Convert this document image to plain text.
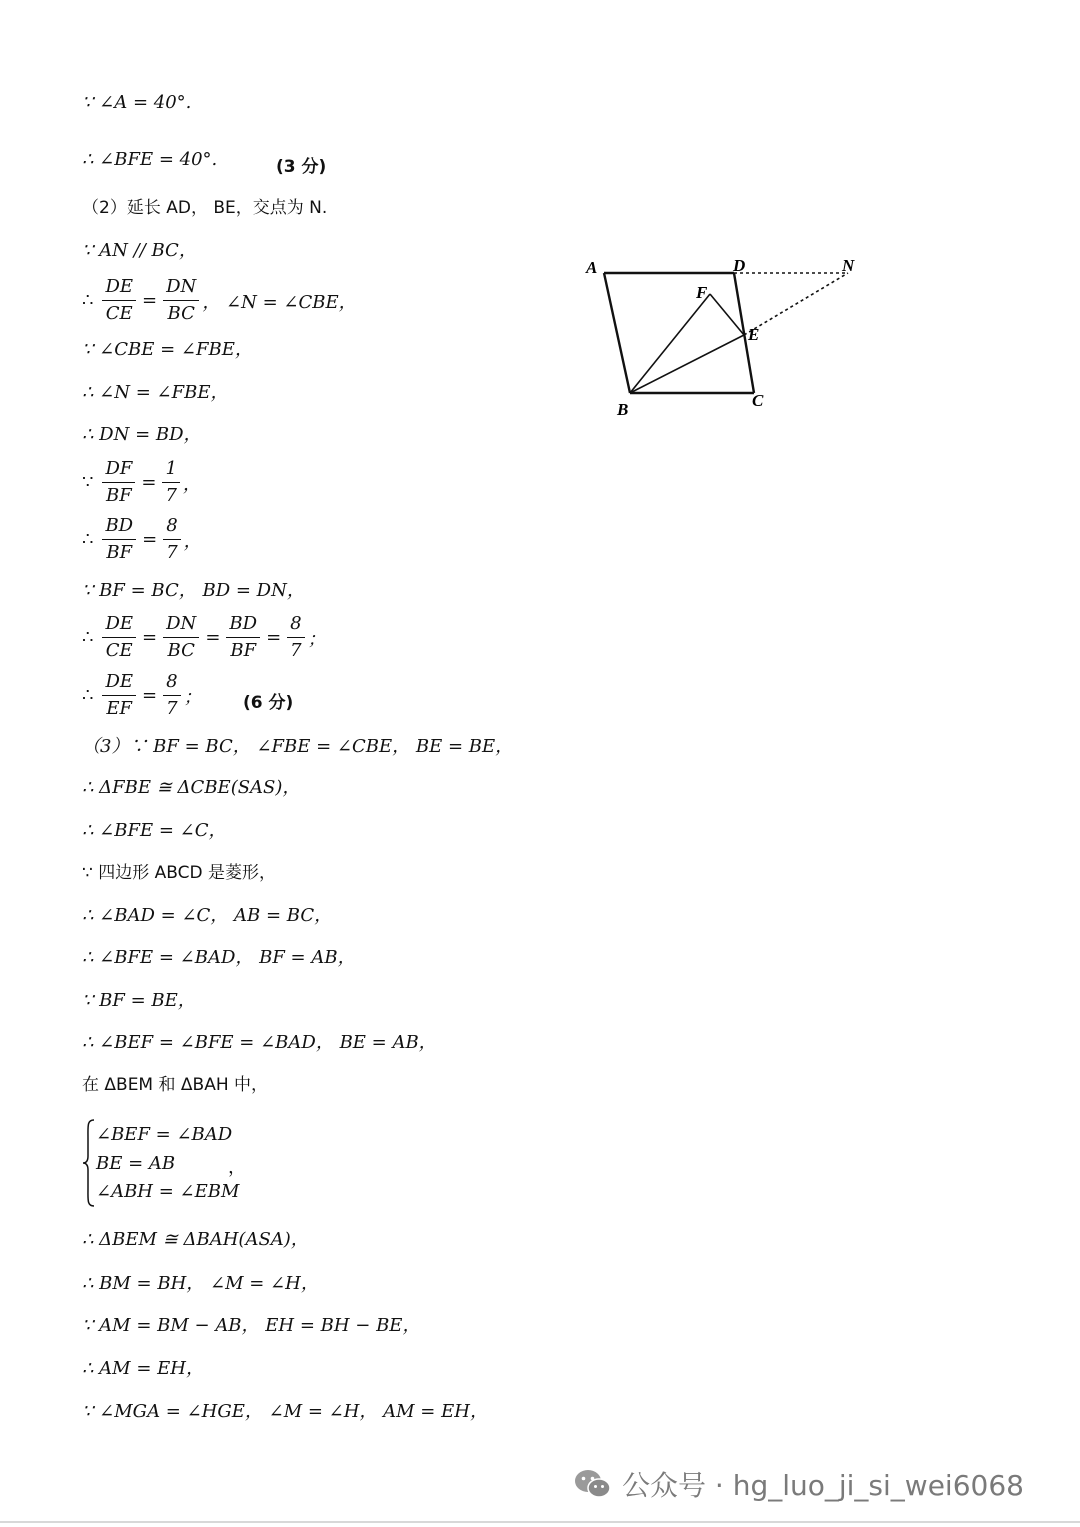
∵ ∠A = 40°.
∴ ∠BFE = 40°.	(3 分)
（2）延长 AD， BE，交点为 N.
∵ AN // BC，
∴ $\frac{DE}{CE} = \frac{DN}{BC}$ ， ∠N = ∠CBE，
∵ ∠CBE = ∠FBE，
∴ ∠N = ∠FBE，
∴ DN = BD，
∵ $\frac{DF}{BF} = \frac{1}{7}$ ，
∴ $\frac{BD}{BF} = \frac{8}{7}$ ，
∵ BF = BC， BD = DN，
∴ $\frac{DE}{CE} = \frac{DN}{BC} = \frac{BD}{BF} = \frac{8}{7}$ ；
∴ $\frac{DE}{EF} = \frac{8}{7}$ ； (6 分)
（3）∵ BF = BC， ∠FBE = ∠CBE， BE = BE，
∴ ΔFBE ≅ ΔCBE(SAS)，
∴ ∠BFE = ∠C，
∵ 四边形 ABCD 是菱形，
∴ ∠BAD = ∠C， AB = BC，
∴ ∠BFE = ∠BAD， BF = AB，
∵ BF = BE，
∴ ∠BEF = ∠BFE = ∠BAD， BE = AB，
在 ΔBEM 和 ΔBAH 中，
∠BEF = ∠BAD
BE = AB
∠ABH = ∠EBM
，
∴ ΔBEM ≅ ΔBAH(ASA)，
∴ BM = BH， ∠M = ∠H，
∵ AM = BM − AB， EH = BH − BE，
∴ AM = EH，
∵ ∠MGA = ∠HGE， ∠M = ∠H， AM = EH，
A	D	N
F
E
B	C
公众号 · hg_luo_ji_si_wei6068
